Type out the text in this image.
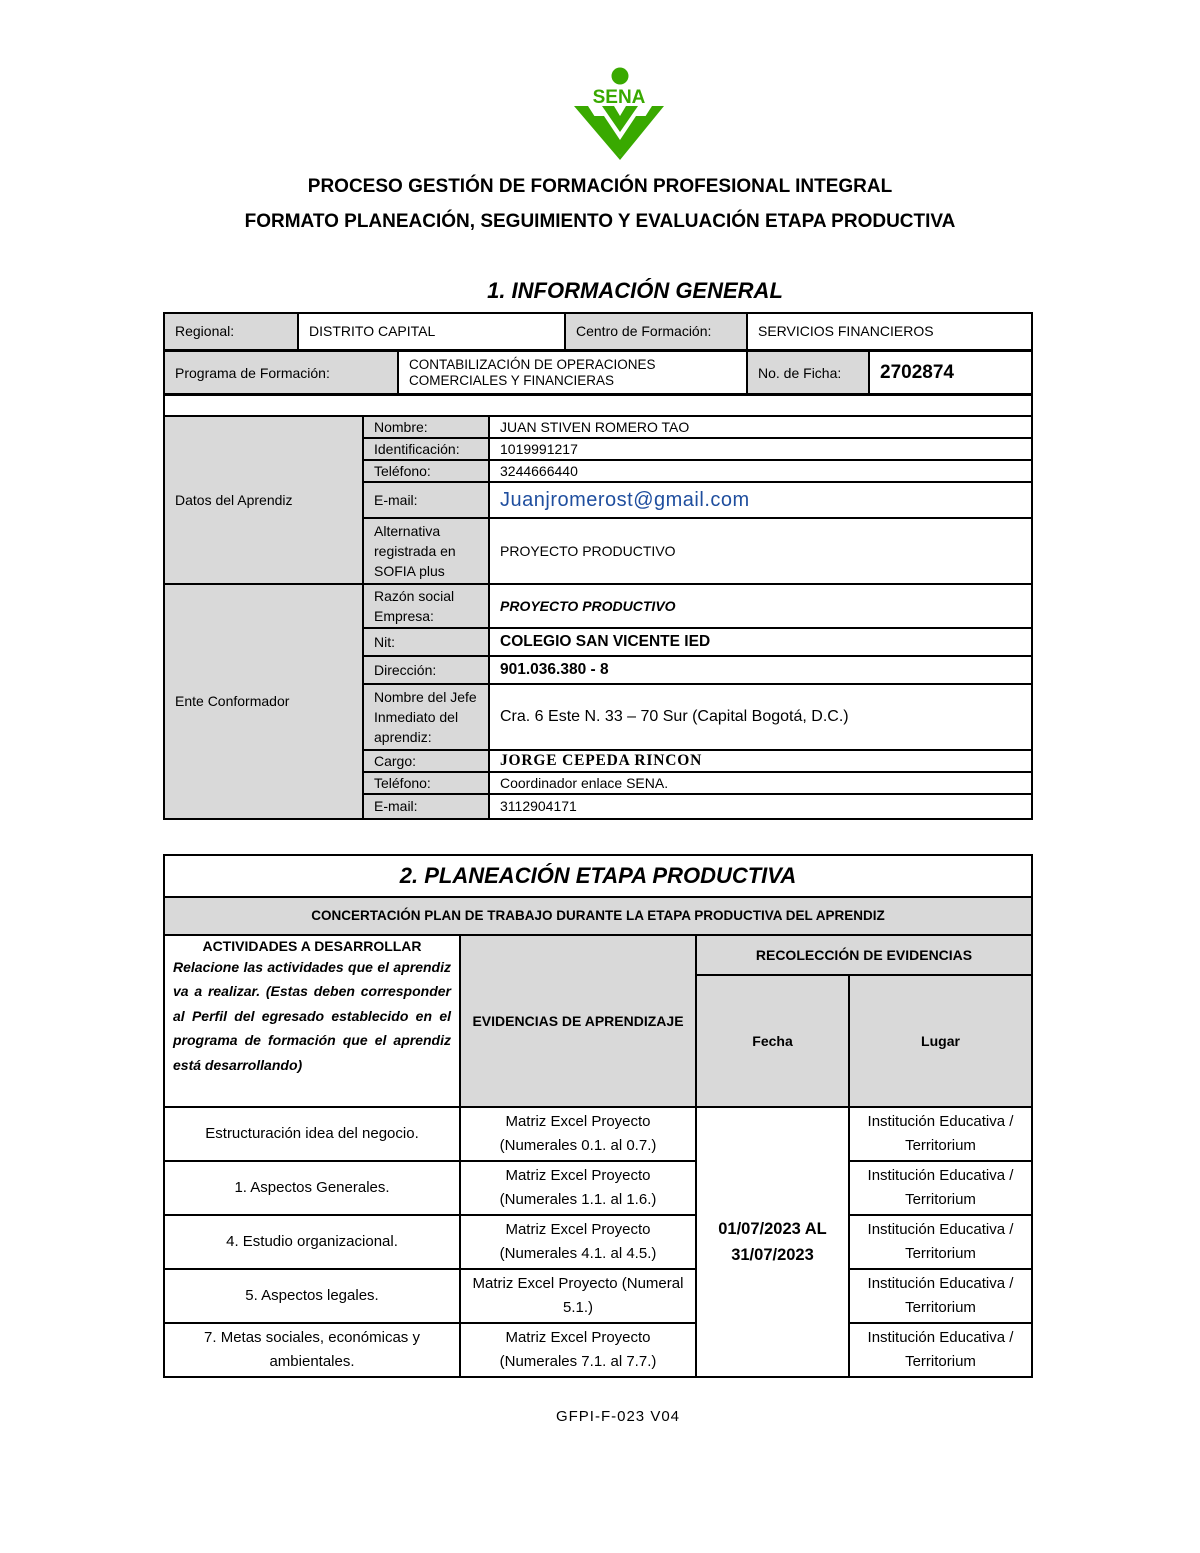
SENA
PROCESO GESTIÓN DE FORMACIÓN PROFESIONAL INTEGRAL
FORMATO PLANEACIÓN, SEGUIMIENTO Y EVALUACIÓN ETAPA PRODUCTIVA
1. INFORMACIÓN GENERAL
Regional:	DISTRITO CAPITAL	Centro de Formación:	SERVICIOS FINANCIEROS
Programa de Formación:	CONTABILIZACIÓN DE OPERACIONES COMERCIALES Y FINANCIERAS	No. de Ficha:	2702874

Datos del Aprendiz	Nombre:	JUAN STIVEN ROMERO TAO
	Identificación:	1019991217
	Teléfono:	3244666440
	E-mail:	Juanjromerost@gmail.com
	Alternativa registrada en SOFIA plus	PROYECTO PRODUCTIVO
Ente Conformador	Razón social Empresa:	PROYECTO PRODUCTIVO
	Nit:	COLEGIO SAN VICENTE IED
	Dirección:	901.036.380 - 8
	Nombre del Jefe Inmediato del aprendiz:	Cra. 6 Este N. 33 – 70 Sur (Capital Bogotá, D.C.)
	Cargo:	JORGE CEPEDA RINCON
	Teléfono:	Coordinador enlace SENA.
	E-mail:	3112904171
2. PLANEACIÓN ETAPA PRODUCTIVA			
CONCERTACIÓN PLAN DE TRABAJO DURANTE LA ETAPA PRODUCTIVA DEL APRENDIZ			

ACTIVIDADES A DESARROLLAR
Relacione las actividades que el aprendiz va a realizar. (Estas deben corresponder al Perfil del egresado establecido en el programa de formación que el aprendiz está desarrollando)	EVIDENCIAS DE APRENDIZAJE	RECOLECCIÓN DE EVIDENCIAS	
		Fecha	Lugar
Estructuración idea del negocio.	Matriz Excel Proyecto (Numerales 0.1. al 0.7.)	01/07/2023 AL 31/07/2023	Institución Educativa / Territorium
1. Aspectos Generales.	Matriz Excel Proyecto (Numerales 1.1. al 1.6.)		Institución Educativa / Territorium
4. Estudio organizacional.	Matriz Excel Proyecto (Numerales 4.1. al 4.5.)		Institución Educativa / Territorium
5. Aspectos legales.	Matriz Excel Proyecto (Numeral 5.1.)		Institución Educativa / Territorium
7. Metas sociales, económicas y ambientales.	Matriz Excel Proyecto (Numerales 7.1. al 7.7.)		Institución Educativa / Territorium
GFPI-F-023 V04
